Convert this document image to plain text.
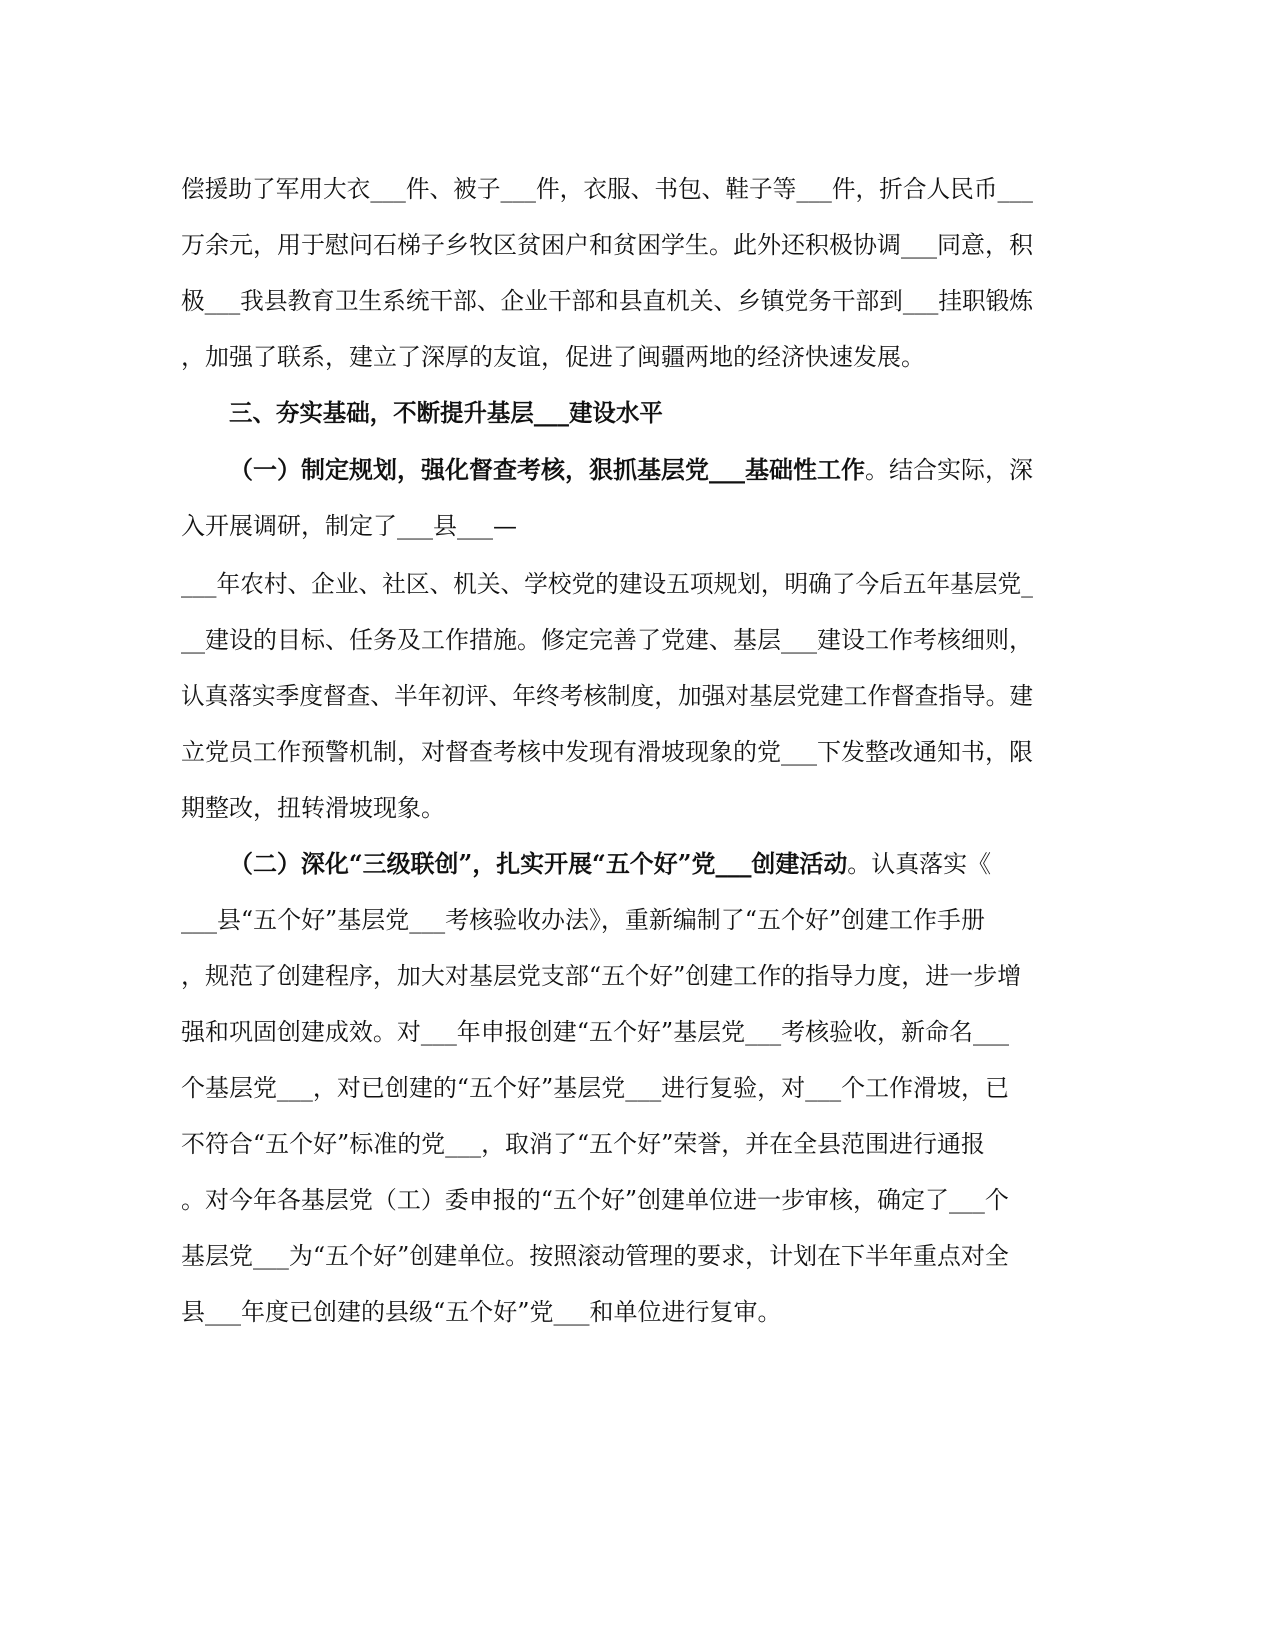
偿援助了军用大衣___件、被子___件，衣服、书包、鞋子等___件，折合人民币___
万余元，用于慰问石梯子乡牧区贫困户和贫困学生。此外还积极协调___同意，积
极___我县教育卫生系统干部、企业干部和县直机关、乡镇党务干部到___挂职锻炼
，加强了联系，建立了深厚的友谊，促进了闽疆两地的经济快速发展。
三、夯实基础，不断提升基层___建设水平
（一）制定规划，强化督查考核，狠抓基层党___基础性工作。结合实际，深
入开展调研，制定了___县___—
___年农村、企业、社区、机关、学校党的建设五项规划，明确了今后五年基层党_
__建设的目标、任务及工作措施。修定完善了党建、基层___建设工作考核细则，
认真落实季度督查、半年初评、年终考核制度，加强对基层党建工作督查指导。建
立党员工作预警机制，对督查考核中发现有滑坡现象的党___下发整改通知书，限
期整改，扭转滑坡现象。
（二）深化“三级联创”，扎实开展“五个好”党___创建活动。认真落实《
___县“五个好”基层党___考核验收办法》，重新编制了“五个好”创建工作手册
，规范了创建程序，加大对基层党支部“五个好”创建工作的指导力度，进一步增
强和巩固创建成效。对___年申报创建“五个好”基层党___考核验收，新命名___
个基层党___，对已创建的“五个好”基层党___进行复验，对___个工作滑坡，已
不符合“五个好”标准的党___，取消了“五个好”荣誉，并在全县范围进行通报
。对今年各基层党（工）委申报的“五个好”创建单位进一步审核，确定了___个
基层党___为“五个好”创建单位。按照滚动管理的要求，计划在下半年重点对全
县___年度已创建的县级“五个好”党___和单位进行复审。
